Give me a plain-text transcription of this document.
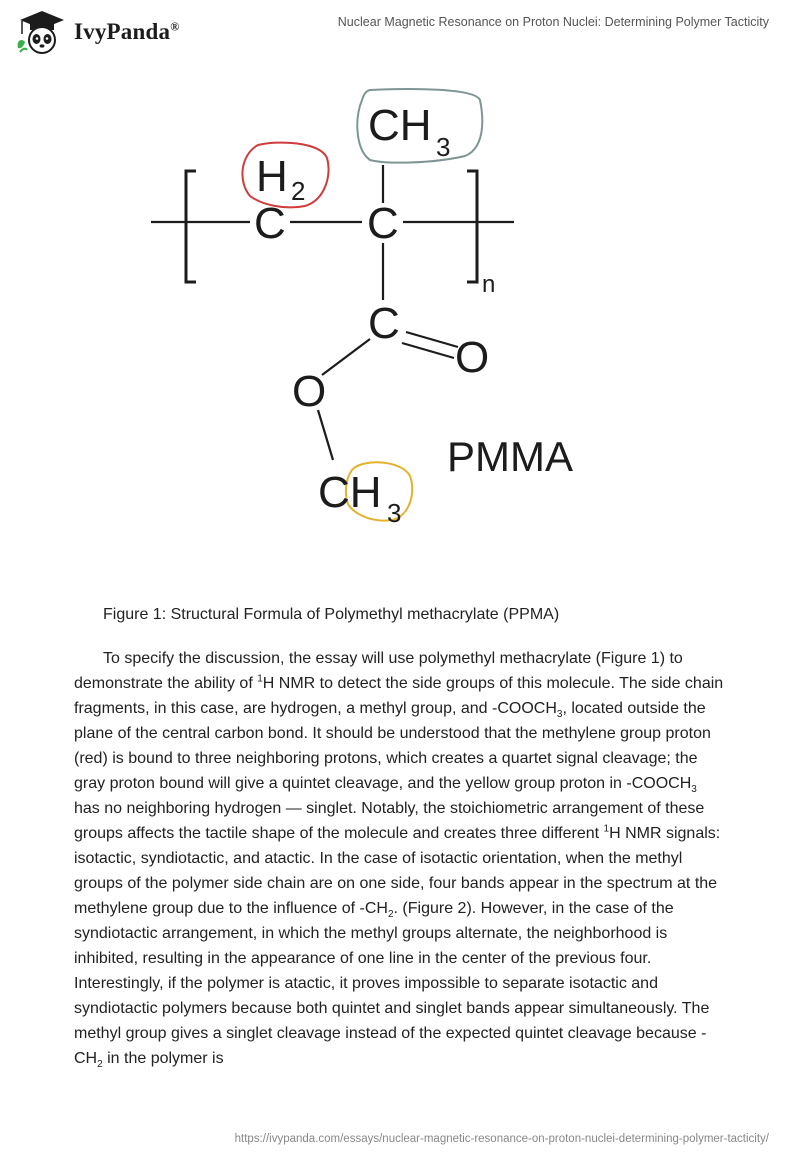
IvyPanda®	Nuclear Magnetic Resonance on Proton Nuclei: Determining Polymer Tacticity
CH 3
H 2
C C
n
C
O
O
CH 3
PMMA
Figure 1: Structural Formula of Polymethyl methacrylate (PPMA)

To specify the discussion, the essay will use polymethyl methacrylate (Figure 1) to demonstrate the ability of $^1$H NMR to detect the side groups of this molecule. The side chain fragments, in this case, are hydrogen, a methyl group, and $-COOCH_3$, located outside the plane of the central carbon bond. It should be understood that the methylene group proton (red) is bound to three neighboring protons, which creates a quartet signal cleavage; the gray proton bound will give a quintet cleavage, and the yellow group proton in $-COOCH_3$ has no neighboring hydrogen — singlet. Notably, the stoichiometric arrangement of these groups affects the tactile shape of the molecule and creates three different $^1$H NMR signals: isotactic, syndiotactic, and atactic. In the case of isotactic orientation, when the methyl groups of the polymer side chain are on one side, four bands appear in the spectrum at the methylene group due to the influence of $-CH_2$. (Figure 2). However, in the case of the syndiotactic arrangement, in which the methyl groups alternate, the neighborhood is inhibited, resulting in the appearance of one line in the center of the previous four. Interestingly, if the polymer is atactic, it proves impossible to separate isotactic and syndiotactic polymers because both quintet and singlet bands appear simultaneously. The methyl group gives a singlet cleavage instead of the expected quintet cleavage because $-CH_2$ in the polymer is

https://ivypanda.com/essays/nuclear-magnetic-resonance-on-proton-nuclei-determining-polymer-tacticity/
